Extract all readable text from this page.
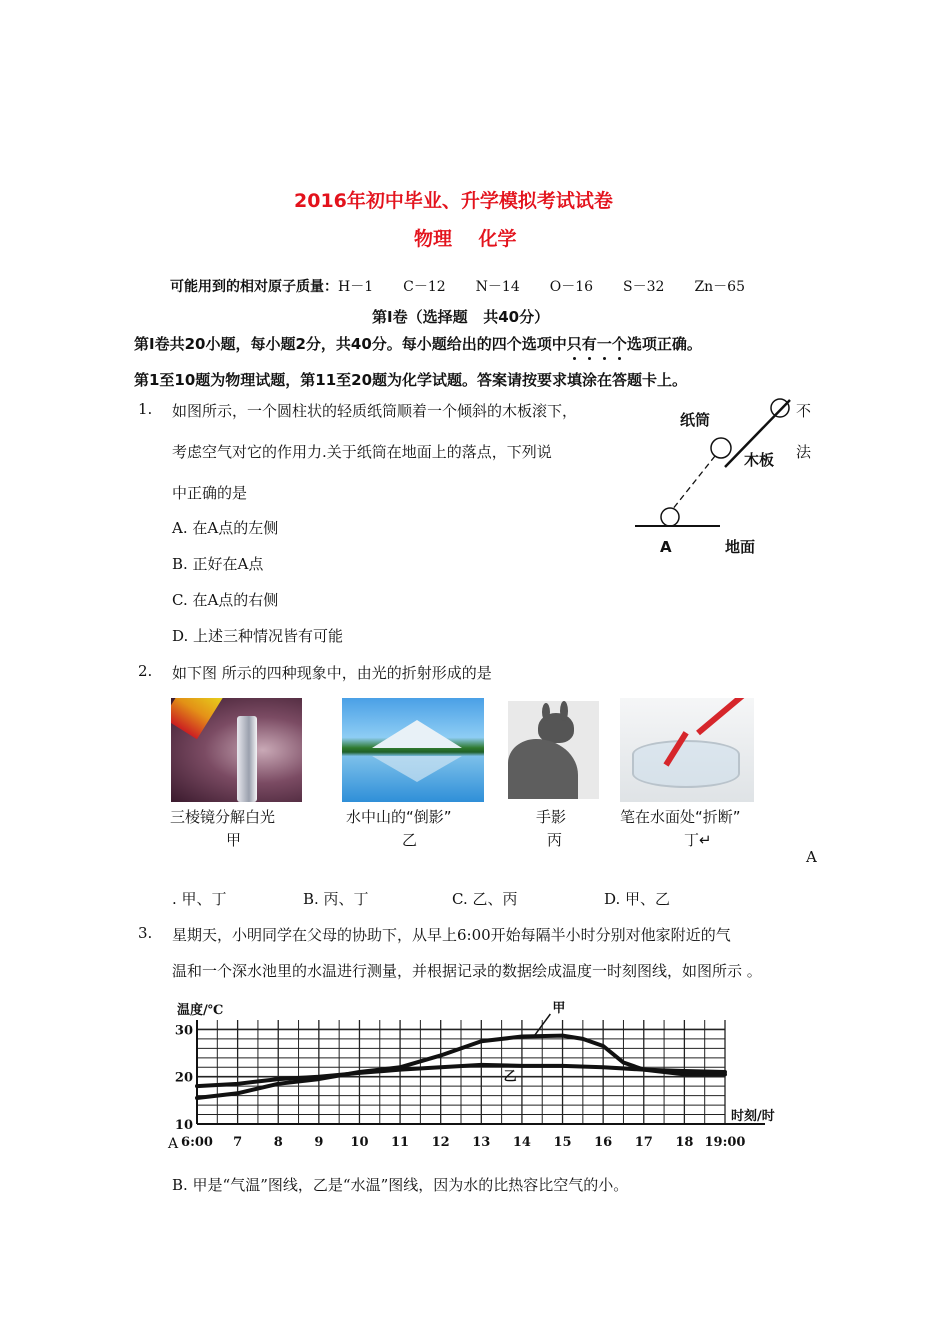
2016年初中毕业、升学模拟考试试卷
物理    化学
可能用到的相对原子质量：H－1 C－12 N－14 O－16 S－32 Zn－65
第Ⅰ卷（选择题   共40分）
第Ⅰ卷共20小题，每小题2分，共40分。每小题给出的四个选项中只有一个选项正确。
第1至10题为物理试题，第11至20题为化学试题。答案请按要求填涂在答题卡上。
1. 如图所示，一个圆柱状的轻质纸筒顺着一个倾斜的木板滚下，	不
考虑空气对它的作用力.关于纸筒在地面上的落点，下列说	法
中正确的是
A. 在A点的左侧
B. 正好在A点
C. 在A点的右侧
D. 上述三种情况皆有可能
纸筒
木板
A	地面
2. 如下图 所示的四种现象中，由光的折射形成的是
三棱镜分解白光
甲
水中山的“倒影”
乙
手影
丙
笔在水面处“折断”
丁↵
A
. 甲、丁	B. 丙、丁	C. 乙、丙	D. 甲、乙
3. 星期天，小明同学在父母的协助下，从早上6:00开始每隔半小时分别对他家附近的气
温和一个深水池里的水温进行测量，并根据记录的数据绘成温度一时刻图线，如图所示 。
甲
乙
10
20
30
6:00 7 8 9 10 11 12 13 14 15 16 17 18 19:00
温度/℃
时刻/时
A
B. 甲是“气温”图线，乙是“水温”图线，因为水的比热容比空气的小。
